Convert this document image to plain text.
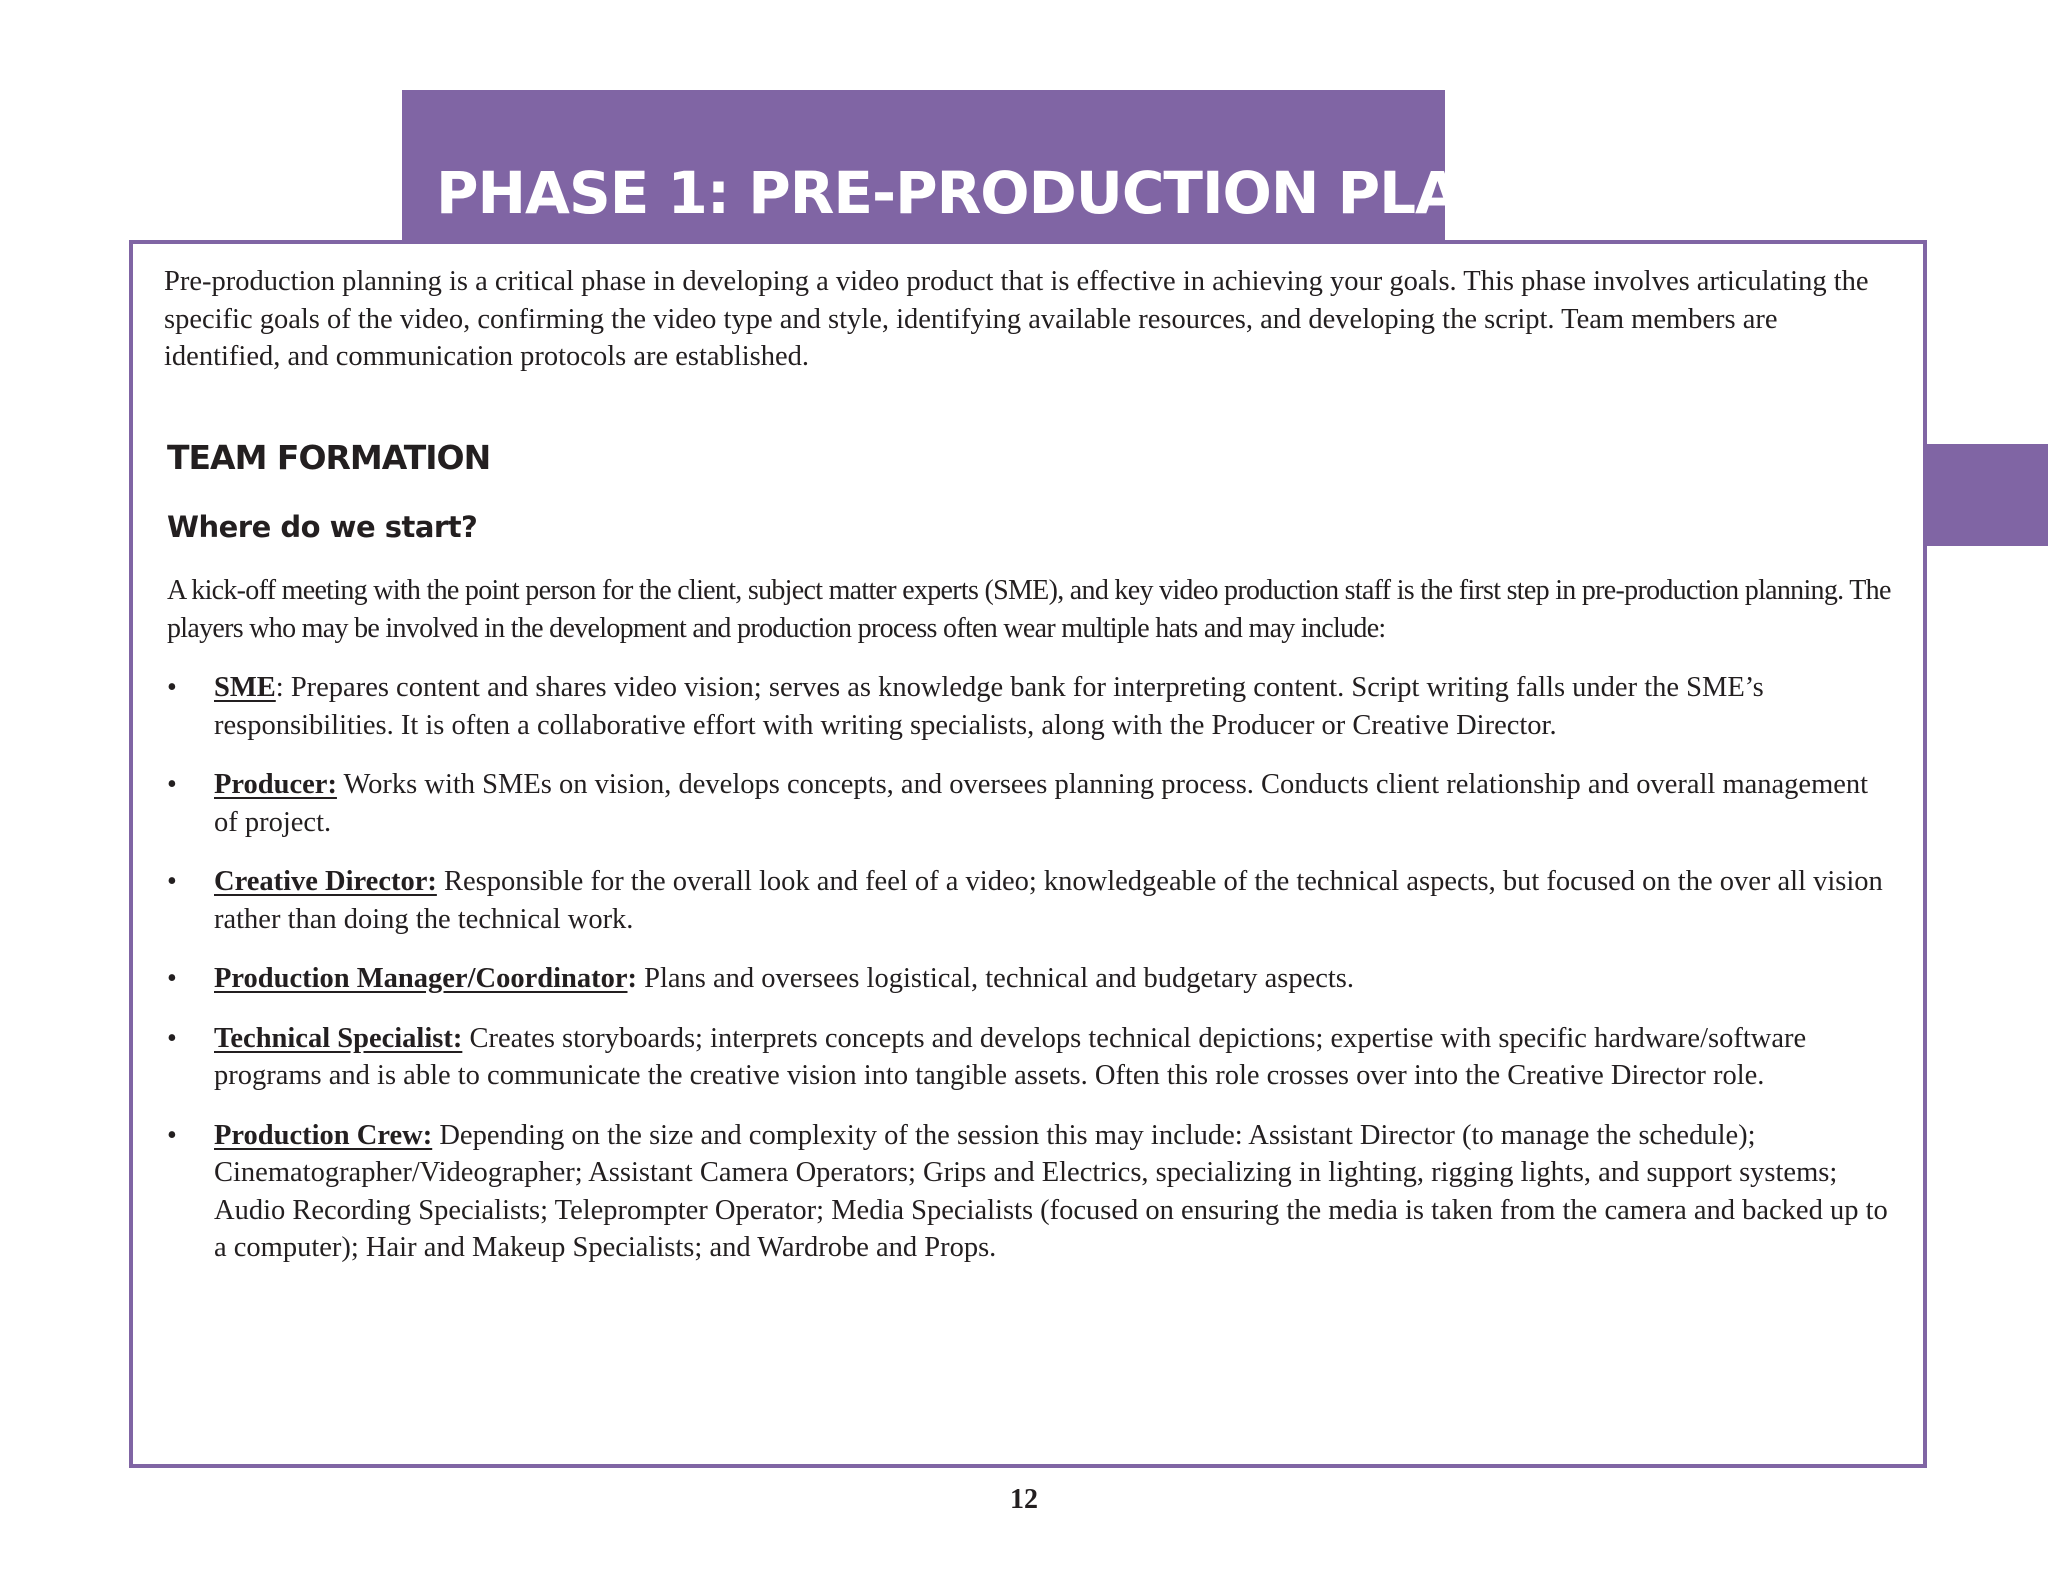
PHASE 1: PRE-PRODUCTION PLANNING

Pre-production planning is a critical phase in developing a video product that is effective in achieving your goals. This phase involves articulating the specific goals of the video, confirming the video type and style, identifying available resources, and developing the script. Team members are identified, and communication protocols are established.

TEAM FORMATION
Where do we start?

A kick-off meeting with the point person for the client, subject matter experts (SME), and key video production staff is the first step in pre-production planning. The players who may be involved in the development and production process often wear multiple hats and may include:

• SME: Prepares content and shares video vision; serves as knowledge bank for interpreting content. Script writing falls under the SME’s responsibilities. It is often a collaborative effort with writing specialists, along with the Producer or Creative Director.
• Producer: Works with SMEs on vision, develops concepts, and oversees planning process. Conducts client relationship and overall management of project.
• Creative Director: Responsible for the overall look and feel of a video; knowledgeable of the technical aspects, but focused on the over all vision rather than doing the technical work.
• Production Manager/Coordinator: Plans and oversees logistical, technical and budgetary aspects.
• Technical Specialist: Creates storyboards; interprets concepts and develops technical depictions; expertise with specific hardware/software programs and is able to communicate the creative vision into tangible assets. Often this role crosses over into the Creative Director role.
• Production Crew: Depending on the size and complexity of the session this may include: Assistant Director (to manage the schedule); Cinematographer/Videographer; Assistant Camera Operators; Grips and Electrics, specializing in lighting, rigging lights, and support systems; Audio Recording Specialists; Teleprompter Operator; Media Specialists (focused on ensuring the media is taken from the camera and backed up to a computer); Hair and Makeup Specialists; and Wardrobe and Props.

12
